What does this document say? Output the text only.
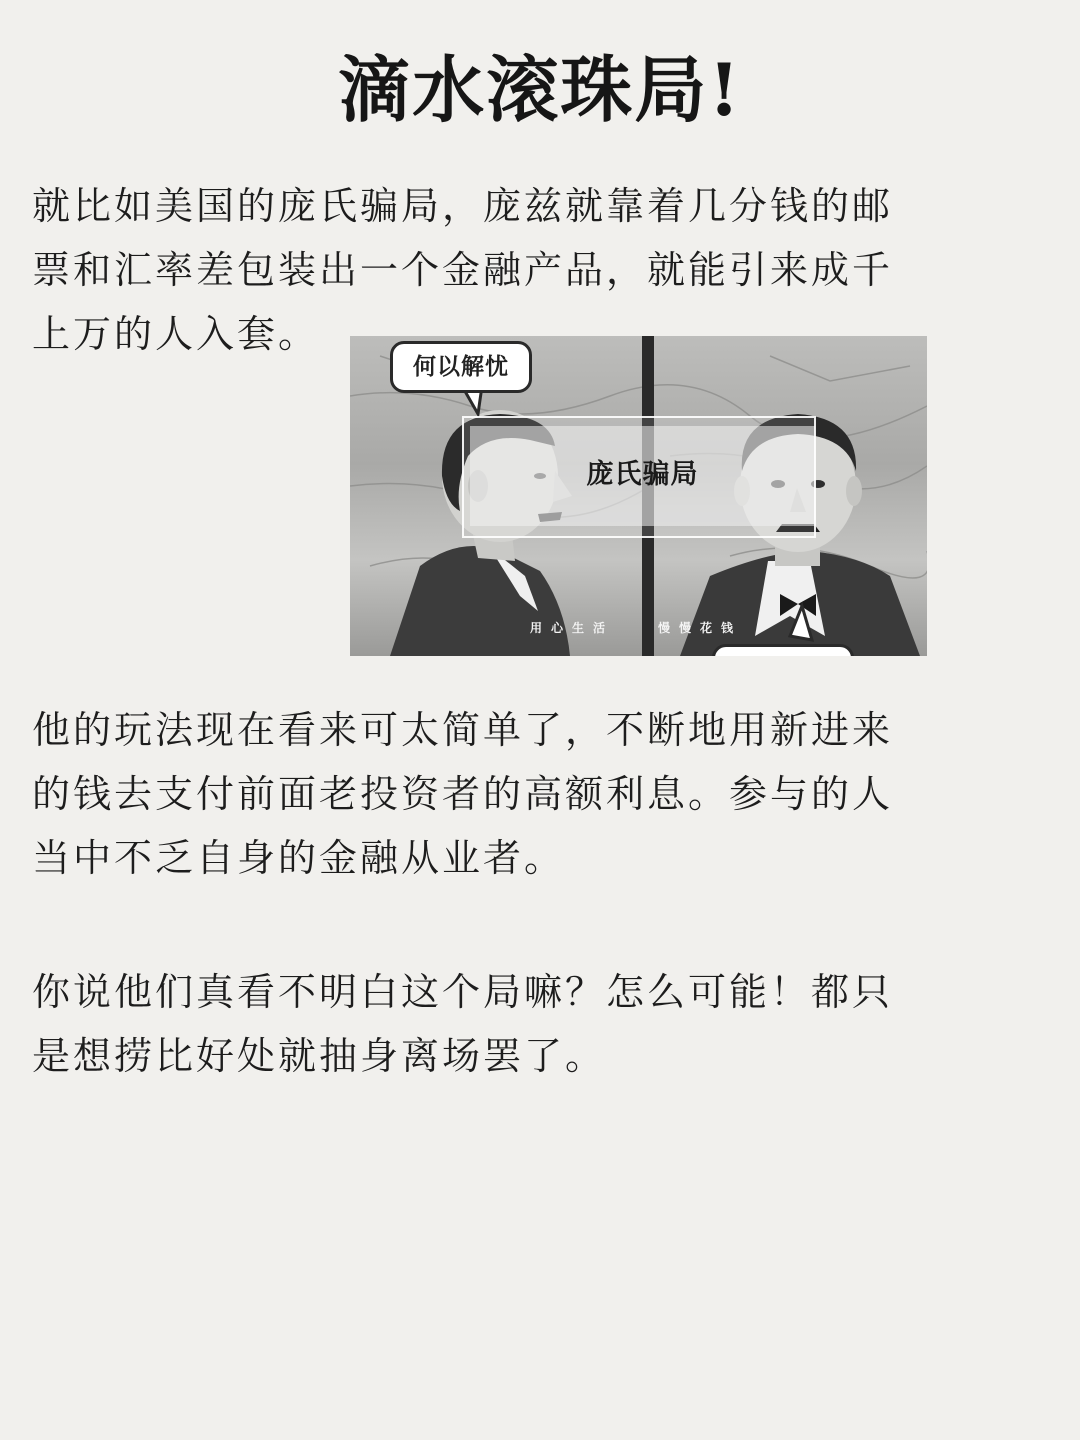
滴水滚珠局!

就比如美国的庞氏骗局，庞兹就靠着几分钱的邮票和汇率差包装出一个金融产品，就能引来成千上万的人入套。

庞氏骗局
何以解忧
用心生活	慢慢花钱

他的玩法现在看来可太简单了，不断地用新进来的钱去支付前面老投资者的高额利息。参与的人当中不乏自身的金融从业者。

你说他们真看不明白这个局嘛？怎么可能！都只是想捞比好处就抽身离场罢了。
